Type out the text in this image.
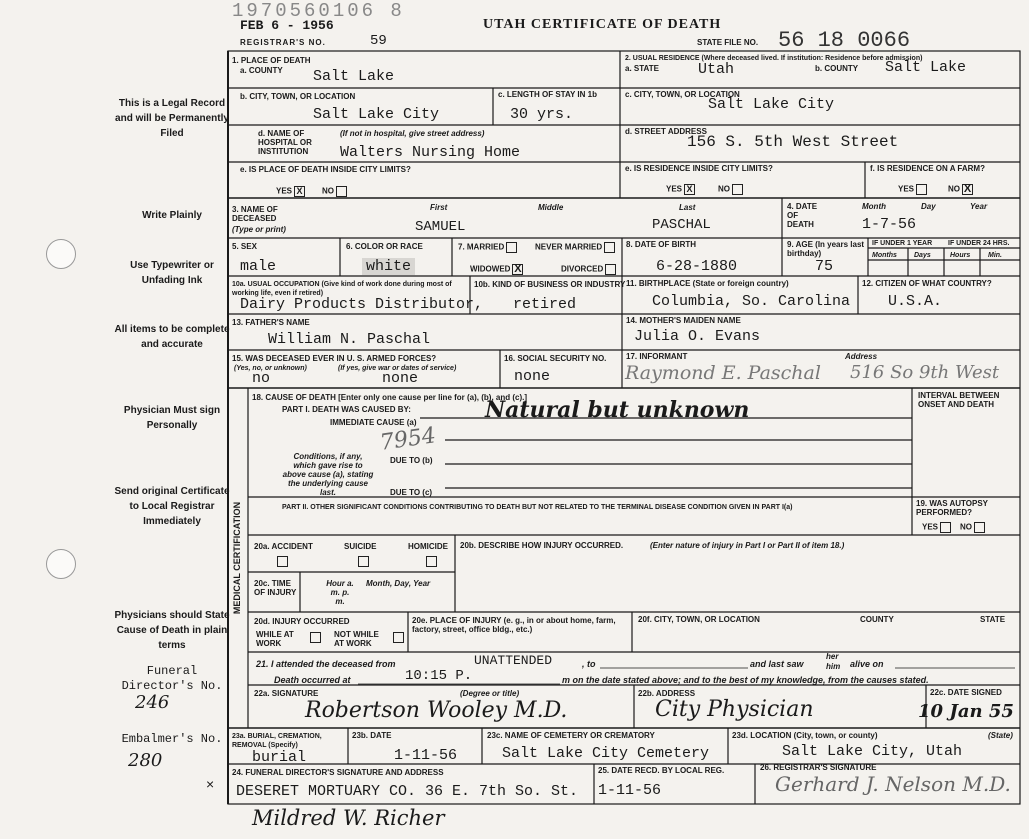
1970560106 8
FEB 6 - 1956
REGISTRAR'S NO.	59
UTAH CERTIFICATE OF DEATH
STATE FILE NO. 56 18 0066
This is a Legal Record and will be Permanently Filed
Write Plainly
Use Typewriter or Unfading Ink
All items to be complete and accurate
Physician Must sign Personally
Send original Certificate to Local Registrar Immediately
Physicians should State Cause of Death in plain terms
Funeral Director's No.
246
Embalmer's No.
280
×
1. PLACE OF DEATH
a. COUNTY Salt Lake
b. CITY, TOWN, OR LOCATION
Salt Lake City
c. LENGTH OF STAY IN 1b
30 yrs.
d. NAME OF HOSPITAL OR INSTITUTION
(If not in hospital, give street address)
Walters Nursing Home
e. IS PLACE OF DEATH INSIDE CITY LIMITS?
YES X	NO
2. USUAL RESIDENCE (Where deceased lived. If institution: Residence before admission)
a. STATE	Utah	b. COUNTY Salt Lake
c. CITY, TOWN, OR LOCATION
Salt Lake City
d. STREET ADDRESS
156 S. 5th West Street
e. IS RESIDENCE INSIDE CITY LIMITS?
YES X	NO
f. IS RESIDENCE ON A FARM?
YES	NO X
3. NAME OF DECEASED
(Type or print)
First	Middle	Last
SAMUEL	PASCHAL
4. DATE OF DEATH
Month	Day	Year
1-7-56
5. SEX
male
6. COLOR OR RACE
white
7. MARRIED	NEVER MARRIED
WIDOWED X	DIVORCED
8. DATE OF BIRTH
6-28-1880
9. AGE (In years last birthday)
75
IF UNDER 1 YEAR IF UNDER 24 HRS.
Months Days	Hours	Min.
10a. USUAL OCCUPATION (Give kind of work done during most of working life, even if retired)
Dairy Products Distributor,
10b. KIND OF BUSINESS OR INDUSTRY
retired
11. BIRTHPLACE (State or foreign country)
Columbia, So. Carolina
12. CITIZEN OF WHAT COUNTRY?
U.S.A.
13. FATHER'S NAME
William N. Paschal
14. MOTHER'S MAIDEN NAME
Julia O. Evans
15. WAS DECEASED EVER IN U. S. ARMED FORCES?
(Yes, no, or unknown)	(If yes, give war or dates of service)
no	none
16. SOCIAL SECURITY NO.
none
17. INFORMANT	Address
Raymond E. Paschal 516 So 9th West
MEDICAL CERTIFICATION
18. CAUSE OF DEATH [Enter only one cause per line for (a), (b), and (c).]
PART I. DEATH WAS CAUSED BY:
IMMEDIATE CAUSE (a)	Natural but unknown
7954
Conditions, if any, which gave rise to above cause (a), stating the underlying cause last.
DUE TO (b)
DUE TO (c)
INTERVAL BETWEEN ONSET AND DEATH
PART II. OTHER SIGNIFICANT CONDITIONS CONTRIBUTING TO DEATH BUT NOT RELATED TO THE TERMINAL DISEASE CONDITION GIVEN IN PART I(a)	19. WAS AUTOPSY PERFORMED?
YES	NO
20a. ACCIDENT	SUICIDE	HOMICIDE 20b. DESCRIBE HOW INJURY OCCURRED.	(Enter nature of injury in Part I or Part II of item 18.)
20c. TIME OF INJURY
Hour a. m. p. m.
Month, Day, Year
20d. INJURY OCCURRED
WHILE AT WORK
NOT WHILE AT WORK
20e. PLACE OF INJURY (e. g., in or about home, farm, factory, street, office bldg., etc.)
20f. CITY, TOWN, OR LOCATION	COUNTY	STATE
21. I attended the deceased from	UNATTENDED	, to	and last saw
her
him alive on
Death occurred at	10:15 P.	m on the date stated above; and to the best of my knowledge, from the causes stated.
22a. SIGNATURE	(Degree or title)
Robertson Wooley M.D.
22b. ADDRESS
City Physician
22c. DATE SIGNED
10 Jan 55
23a. BURIAL, CREMATION, REMOVAL (Specify)
burial
23b. DATE
1-11-56
23c. NAME OF CEMETERY OR CREMATORY
Salt Lake City Cemetery
23d. LOCATION (City, town, or county)	(State)
Salt Lake City, Utah
24. FUNERAL DIRECTOR'S SIGNATURE AND ADDRESS
DESERET MORTUARY CO. 36 E. 7th So. St.
25. DATE RECD. BY LOCAL REG.
1-11-56
26. REGISTRAR'S SIGNATURE
Gerhard J. Nelson M.D.
Mildred W. Richer
